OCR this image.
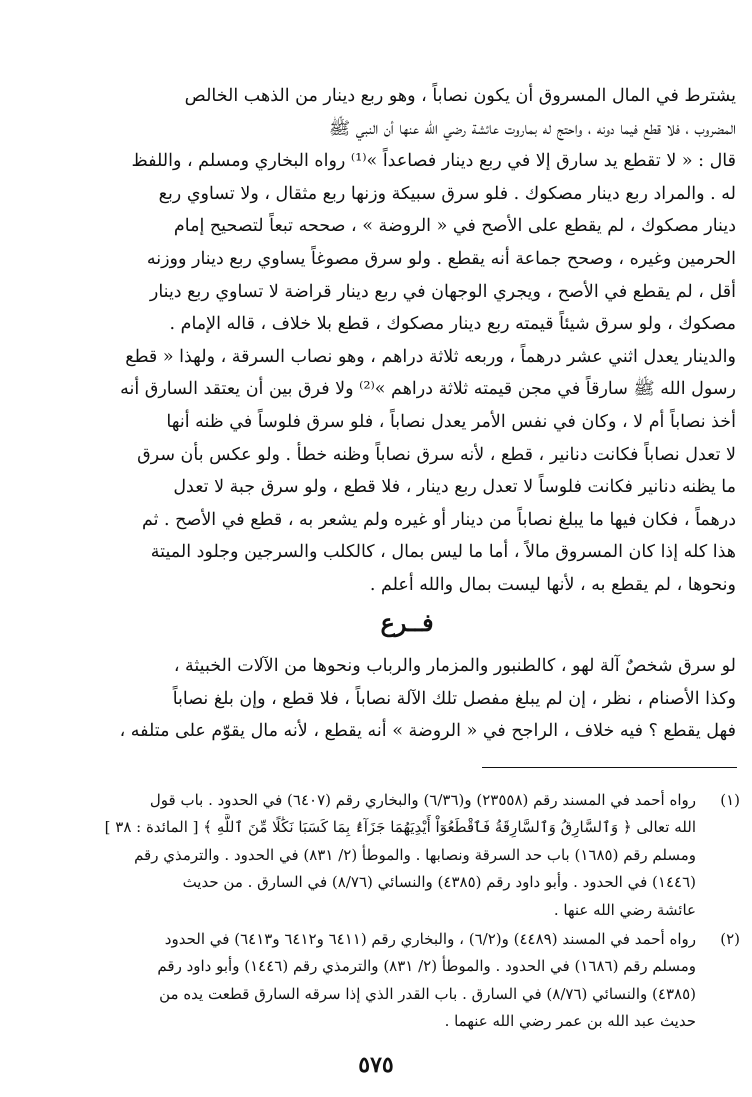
يشترط في المال المسروق أن يكون نصاباً ، وهو ربع دينار من الذهب الخالص
المضروب ، فلا قطع فيما دونه ، واحتج له بماروت عائشة رضي الله عنها أن النبي ﷺ
قال : « لا تقطع يد سارق إلا في ربع دينار فصاعداً »⁽¹⁾ رواه البخاري ومسلم ، واللفظ
له . والمراد ربع دينار مصكوك . فلو سرق سبيكة وزنها ربع مثقال ، ولا تساوي ربع
دينار مصكوك ، لم يقطع على الأصح في « الروضة » ، صححه تبعاً لتصحيح إمام
الحرمين وغيره ، وصحح جماعة أنه يقطع . ولو سرق مصوغاً يساوي ربع دينار ووزنه
أقل ، لم يقطع في الأصح ، ويجري الوجهان في ربع دينار قراضة لا تساوي ربع دينار
مصكوك ، ولو سرق شيئاً قيمته ربع دينار مصكوك ، قطع بلا خلاف ، قاله الإمام .
والدينار يعدل اثني عشر درهماً ، وربعه ثلاثة دراهم ، وهو نصاب السرقة ، ولهذا « قطع
رسول الله ﷺ سارقاً في مجن قيمته ثلاثة دراهم »⁽²⁾ ولا فرق بين أن يعتقد السارق أنه
أخذ نصاباً أم لا ، وكان في نفس الأمر يعدل نصاباً ، فلو سرق فلوساً في ظنه أنها
لا تعدل نصاباً فكانت دنانير ، قطع ، لأنه سرق نصاباً وظنه خطأ . ولو عكس بأن سرق
ما يظنه دنانير فكانت فلوساً لا تعدل ربع دينار ، فلا قطع ، ولو سرق جبة لا تعدل
درهماً ، فكان فيها ما يبلغ نصاباً من دينار أو غيره ولم يشعر به ، قطع في الأصح . ثم
هذا كله إذا كان المسروق مالاً ، أما ما ليس بمال ، كالكلب والسرجين وجلود الميتة
ونحوها ، لم يقطع به ، لأنها ليست بمال والله أعلم .
فــرع
لو سرق شخصٌ آلة لهو ، كالطنبور والمزمار والرباب ونحوها من الآلات الخبيثة ،
وكذا الأصنام ، نظر ، إن لم يبلغ مفصل تلك الآلة نصاباً ، فلا قطع ، وإن بلغ نصاباً
فهل يقطع ؟ فيه خلاف ، الراجح في « الروضة » أنه يقطع ، لأنه مال يقوّم على متلفه ،
(١)
رواه أحمد في المسند رقم (٢٣٥٥٨) و(٦/٣٦) والبخاري رقم (٦٤٠٧) في الحدود . باب قول
الله تعالى ﴿ وَٱلسَّارِقُ وَٱلسَّارِقَةُ فَٱقْطَعُوٓاْ أَيْدِيَهُمَا جَزَآءًۢ بِمَا كَسَبَا نَكَٰلًا مِّنَ ٱللَّهِ ﴾ [ المائدة : ٣٨ ]
ومسلم رقم (١٦٨٥) باب حد السرقة ونصابها . والموطأ (٢/ ٨٣١) في الحدود . والترمذي رقم
(١٤٤٦) في الحدود . وأبو داود رقم (٤٣٨٥) والنسائي (٨/٧٦) في السارق . من حديث
عائشة رضي الله عنها .
(٢)
رواه أحمد في المسند (٤٤٨٩) و(٦/٢) ، والبخاري رقم (٦٤١١ و٦٤١٢ و٦٤١٣) في الحدود
ومسلم رقم (١٦٨٦) في الحدود . والموطأ (٢/ ٨٣١) والترمذي رقم (١٤٤٦) وأبو داود رقم
(٤٣٨٥) والنسائي (٨/٧٦) في السارق . باب القدر الذي إذا سرقه السارق قطعت يده من
حديث عبد الله بن عمر رضي الله عنهما .
٥٧٥
